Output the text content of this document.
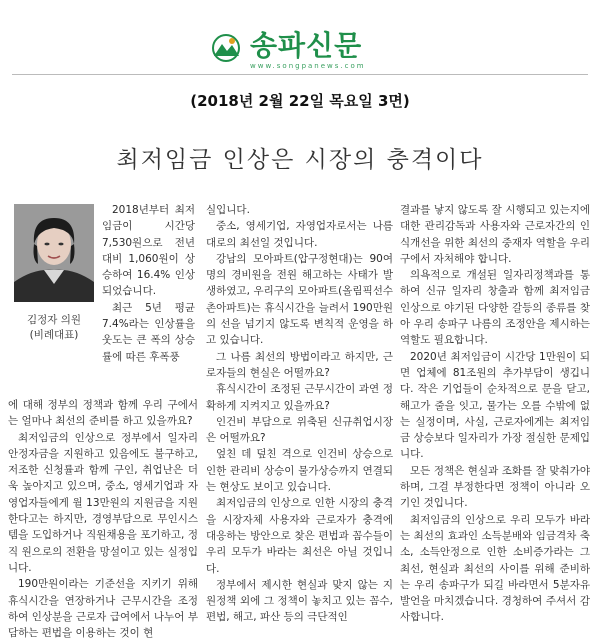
송파신문
www.songpanews.com
(2018년 2월 22일 목요일 3면)
최저임금 인상은 시장의 충격이다
김정자 의원
(비례대표)

2018년부터 최저임금이 시간당 7,530원으로 전년대비 1,060원이 상승하여 16.4% 인상되었습니다.

최근 5년 평균 7.4%라는 인상률을 웃도는 큰 폭의 상승률에 따른 후폭풍

에 대해 정부의 정책과 함께 우리 구에서는 얼마나 최선의 준비를 하고 있을까요?

최저임금의 인상으로 정부에서 일자리 안정자금을 지원하고 있음에도 불구하고, 저조한 신청률과 함께 구인, 취업난은 더욱 높아지고 있으며, 중소, 영세기업과 자영업자들에게 월 13만원의 지원금을 지원한다고는 하지만, 경영부담으로 무인시스템을 도입하거나 직원채용을 포기하고, 정직 원으로의 전환을 망설이고 있는 실정입니다.

190만원이라는 기준선을 지키기 위해 휴식시간을 연장하거나 근무시간을 조정하여 인상분을 근로자 급여에서 나누어 부담하는 편법을 이용하는 것이 현

실입니다.

중소, 영세기업, 자영업자로서는 나름대로의 최선일 것입니다.

강남의 모아파트(압구정현대)는 90여 명의 경비원을 전원 해고하는 사태가 발생하였고, 우리구의 모아파트(올림픽선수촌아파트)는 휴식시간을 늘려서 190만원의 선을 넘기지 않도록 변칙적 운영을 하고 있습니다.

그 나름 최선의 방법이라고 하지만, 근로자들의 현실은 어떨까요?

휴식시간이 조정된 근무시간이 과연 정확하게 지켜지고 있을까요?

인건비 부담으로 위축된 신규취업시장은 어떨까요?

엎친 데 덮친 격으로 인건비 상승으로 인한 관리비 상승이 물가상승까지 연결되는 현상도 보이고 있습니다.

최저임금의 인상으로 인한 시장의 충격을 시장자체 사용자와 근로자가 충격에 대응하는 방안으로 찾은 편법과 꼼수들이 우리 모두가 바라는 최선은 아닐 것입니다.

정부에서 제시한 현실과 맞지 않는 지원정책 외에 그 정책이 놓치고 있는 꼼수, 편법, 해고, 파산 등의 극단적인

결과를 낳지 않도록 잘 시행되고 있는지에 대한 관리감독과 사용자와 근로자간의 인식개선을 위한 최선의 중재자 역할을 우리 구에서 자처해야 합니다.

의욕적으로 개설된 일자리정책과를 통하여 신규 일자리 창출과 함께 최저임금 인상으로 야기된 다양한 갈등의 종류를 찾아 우리 송파구 나름의 조정안을 제시하는 역할도 필요합니다.

2020년 최저임금이 시간당 1만원이 되면 업체에 81조원의 추가부담이 생깁니다. 작은 기업들이 순차적으로 문을 닫고, 해고가 줄을 잇고, 물가는 오를 수밖에 없는 실정이며, 사실, 근로자에게는 최저임금 상승보다 일자리가 가장 절실한 문제입니다.

모든 정책은 현실과 조화를 잘 맞춰가야 하며, 그걸 부정한다면 정책이 아니라 오기인 것입니다.

최저임금의 인상으로 우리 모두가 바라는 최선의 효과인 소득분배와 임금격차 축소, 소득안정으로 인한 소비증가라는 그 최선, 현실과 최선의 사이를 위해 준비하는 우리 송파구가 되길 바라면서 5분자유발언을 마치겠습니다. 경청하여 주셔서 감사합니다.
